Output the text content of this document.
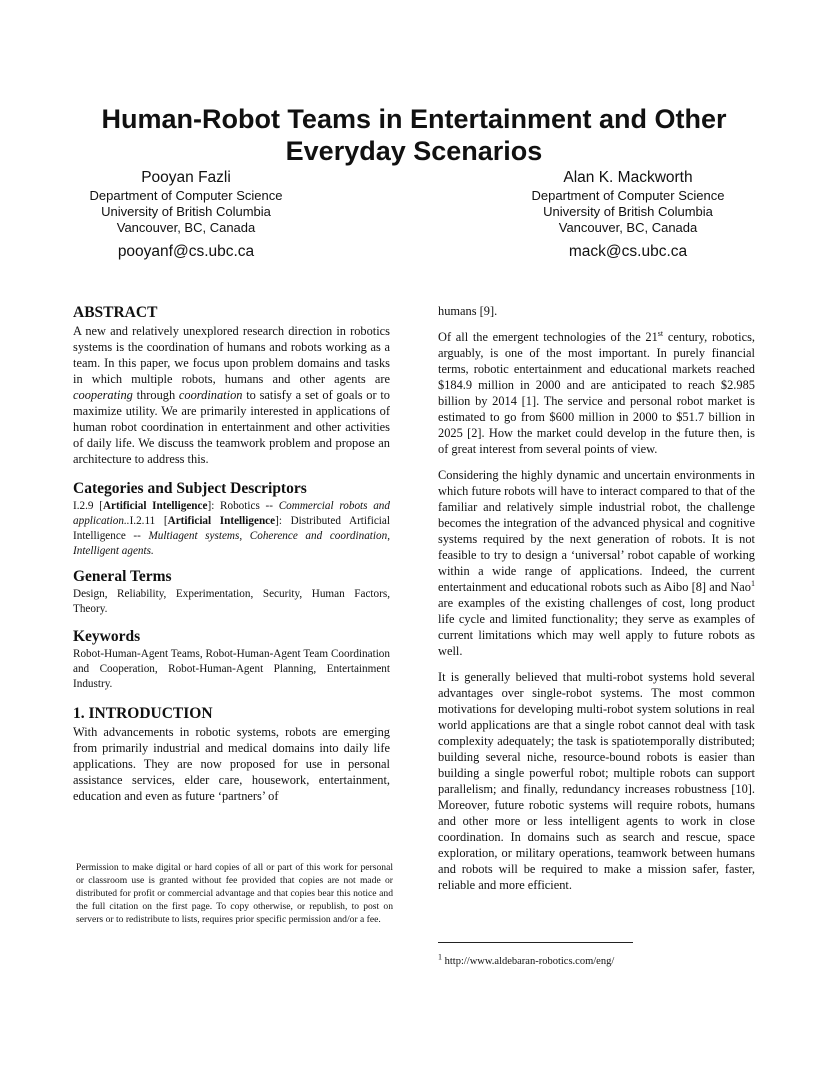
Human-Robot Teams in Entertainment and Other Everyday Scenarios
Pooyan Fazli
Department of Computer Science
University of British Columbia
Vancouver, BC, Canada
pooyanf@cs.ubc.ca
Alan K. Mackworth
Department of Computer Science
University of British Columbia
Vancouver, BC, Canada
mack@cs.ubc.ca
ABSTRACT

A new and relatively unexplored research direction in robotics systems is the coordination of humans and robots working as a team. In this paper, we focus upon problem domains and tasks in which multiple robots, humans and other agents are cooperating through coordination to satisfy a set of goals or to maximize utility. We are primarily interested in applications of human robot coordination in entertainment and other activities of daily life. We discuss the teamwork problem and propose an architecture to address this.

Categories and Subject Descriptors

I.2.9 [Artificial Intelligence]: Robotics -- Commercial robots and application..I.2.11 [Artificial Intelligence]: Distributed Artificial Intelligence -- Multiagent systems, Coherence and coordination, Intelligent agents.

General Terms

Design, Reliability, Experimentation, Security, Human Factors, Theory.

Keywords

Robot-Human-Agent Teams, Robot-Human-Agent Team Coordination and Cooperation, Robot-Human-Agent Planning, Entertainment Industry.

1. INTRODUCTION

With advancements in robotic systems, robots are emerging from primarily industrial and medical domains into daily life applications. They are now proposed for use in personal assistance services, elder care, housework, entertainment, education and even as future ‘partners’ of

Permission to make digital or hard copies of all or part of this work for personal or classroom use is granted without fee provided that copies are not made or distributed for profit or commercial advantage and that copies bear this notice and the full citation on the first page. To copy otherwise, or republish, to post on servers or to redistribute to lists, requires prior specific permission and/or a fee.

humans [9].

Of all the emergent technologies of the 21st century, robotics, arguably, is one of the most important. In purely financial terms, robotic entertainment and educational markets reached $184.9 million in 2000 and are anticipated to reach $2.985 billion by 2014 [1]. The service and personal robot market is estimated to go from $600 million in 2000 to $51.7 billion in 2025 [2]. How the market could develop in the future then, is of great interest from several points of view.

Considering the highly dynamic and uncertain environments in which future robots will have to interact compared to that of the familiar and relatively simple industrial robot, the challenge becomes the integration of the advanced physical and cognitive systems required by the next generation of robots. It is not feasible to try to design a ‘universal’ robot capable of working within a wide range of applications. Indeed, the current entertainment and educational robots such as Aibo [8] and Nao$^1$ are examples of the existing challenges of cost, long product life cycle and limited functionality; they serve as examples of current limitations which may well apply to future robots as well.

It is generally believed that multi-robot systems hold several advantages over single-robot systems. The most common motivations for developing multi-robot system solutions in real world applications are that a single robot cannot deal with task complexity adequately; the task is spatiotemporally distributed; building several niche, resource-bound robots is easier than building a single powerful robot; multiple robots can support parallelism; and finally, redundancy increases robustness [10]. Moreover, future robotic systems will require robots, humans and other more or less intelligent agents to work in close coordination. In domains such as search and rescue, space exploration, or military operations, teamwork between humans and robots will be required to make a mission safer, faster, reliable and more efficient.

$^1$ http://www.aldebaran-robotics.com/eng/
